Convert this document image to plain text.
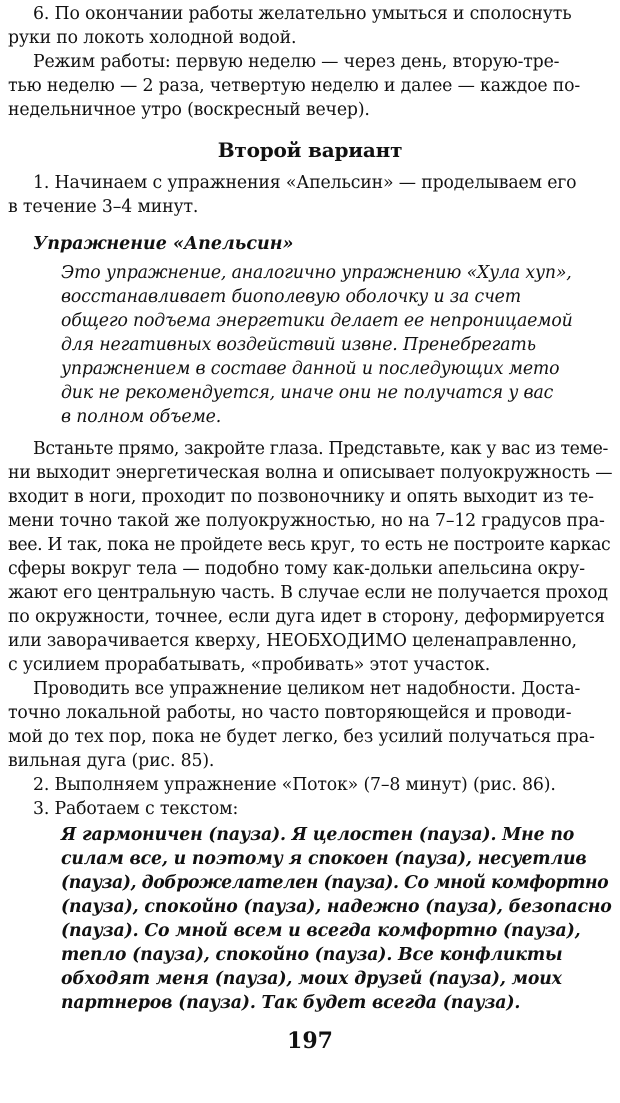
6. По окончании работы желательно умыться и сполоснуть
руки по локоть холодной водой.
Режим работы: первую неделю — через день, вторую-тре-
тью неделю — 2 раза, четвертую неделю и далее — каждое по-
недельничное утро (воскресный вечер).
Второй вариант
1. Начинаем с упражнения «Апельсин» — проделываем его
в течение 3–4 минут.
Упражнение «Апельсин»
Это упражнение, аналогично упражнению «Хула хуп»,
восстанавливает биополевую оболочку и за счет
общего подъема энергетики делает ее непроницаемой
для негативных воздействий извне. Пренебрегать
упражнением в составе данной и последующих мето
дик не рекомендуется, иначе они не получатся у вас
в полном объеме.
Встаньте прямо, закройте глаза. Представьте, как у вас из теме-
ни выходит энергетическая волна и описывает полуокружность —
входит в ноги, проходит по позвоночнику и опять выходит из те-
мени точно такой же полуокружностью, но на 7–12 градусов пра-
вее. И так, пока не пройдете весь круг, то есть не построите каркас
сферы вокруг тела — подобно тому как-дольки апельсина окру-
жают его центральную часть. В случае если не получается проход
по окружности, точнее, если дуга идет в сторону, деформируется
или заворачивается кверху, НЕОБХОДИМО целенаправленно,
с усилием прорабатывать, «пробивать» этот участок.
Проводить все упражнение целиком нет надобности. Доста-
точно локальной работы, но часто повторяющейся и проводи-
мой до тех пор, пока не будет легко, без усилий получаться пра-
вильная дуга (рис. 85).
2. Выполняем упражнение «Поток» (7–8 минут) (рис. 86).
3. Работаем с текстом:
Я гармоничен (пауза). Я целостен (пауза). Мне по
силам все, и поэтому я спокоен (пауза), несуетлив
(пауза), доброжелателен (пауза). Со мной комфортно
(пауза), спокойно (пауза), надежно (пауза), безопасно
(пауза). Со мной всем и всегда комфортно (пауза),
тепло (пауза), спокойно (пауза). Все конфликты
обходят меня (пауза), моих друзей (пауза), моих
партнеров (пауза). Так будет всегда (пауза).
197
